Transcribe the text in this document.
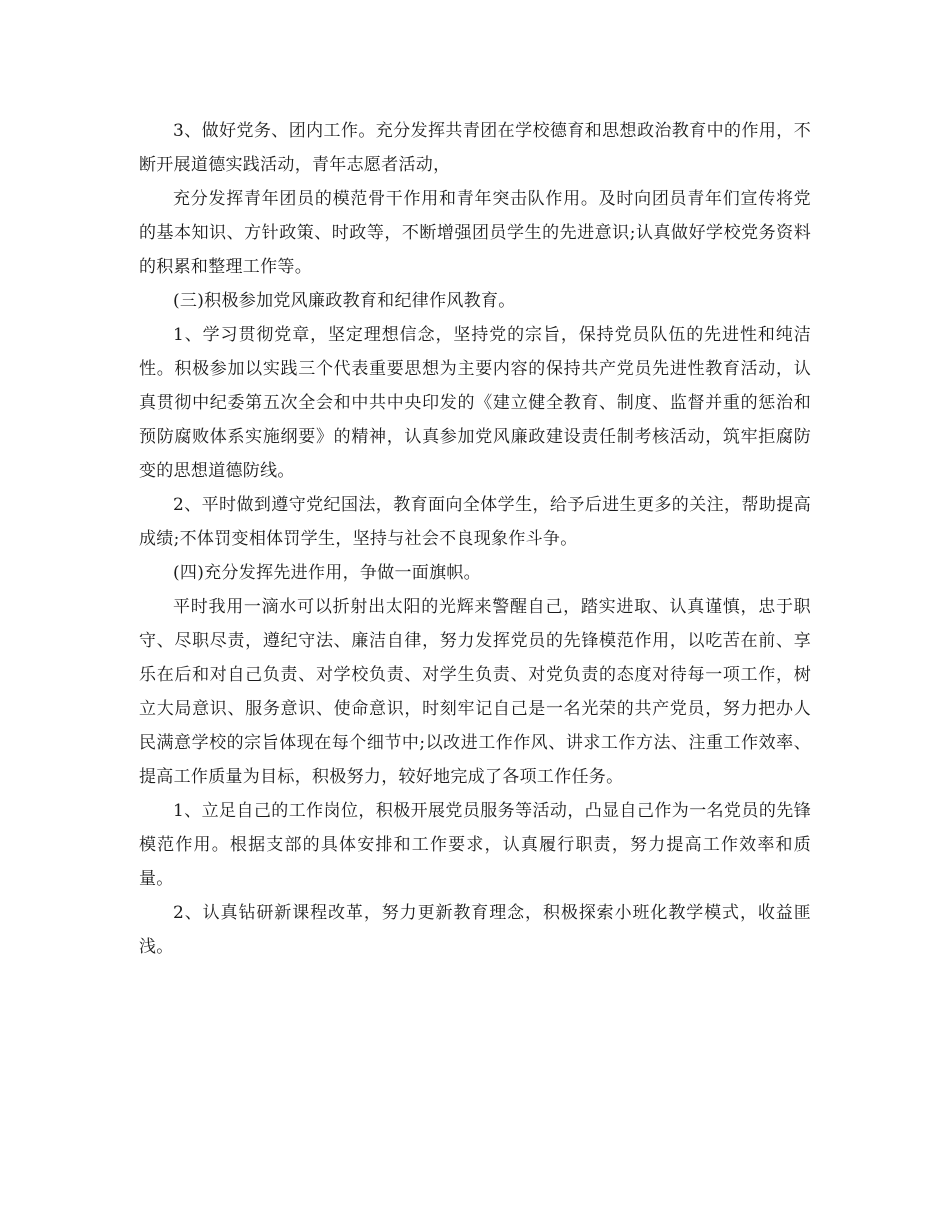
3、做好党务、团内工作。充分发挥共青团在学校德育和思想政治教育中的作用，不断开展道德实践活动，青年志愿者活动，

充分发挥青年团员的模范骨干作用和青年突击队作用。及时向团员青年们宣传将党的基本知识、方针政策、时政等，不断增强团员学生的先进意识;认真做好学校党务资料的积累和整理工作等。

(三)积极参加党风廉政教育和纪律作风教育。

1、学习贯彻党章，坚定理想信念，坚持党的宗旨，保持党员队伍的先进性和纯洁性。积极参加以实践三个代表重要思想为主要内容的保持共产党员先进性教育活动，认真贯彻中纪委第五次全会和中共中央印发的《建立健全教育、制度、监督并重的惩治和预防腐败体系实施纲要》的精神，认真参加党风廉政建设责任制考核活动，筑牢拒腐防变的思想道德防线。

2、平时做到遵守党纪国法，教育面向全体学生，给予后进生更多的关注，帮助提高成绩;不体罚变相体罚学生，坚持与社会不良现象作斗争。

(四)充分发挥先进作用，争做一面旗帜。

平时我用一滴水可以折射出太阳的光辉来警醒自己，踏实进取、认真谨慎，忠于职守、尽职尽责，遵纪守法、廉洁自律，努力发挥党员的先锋模范作用，以吃苦在前、享乐在后和对自己负责、对学校负责、对学生负责、对党负责的态度对待每一项工作，树立大局意识、服务意识、使命意识，时刻牢记自己是一名光荣的共产党员，努力把办人民满意学校的宗旨体现在每个细节中;以改进工作作风、讲求工作方法、注重工作效率、提高工作质量为目标，积极努力，较好地完成了各项工作任务。

1、立足自己的工作岗位，积极开展党员服务等活动，凸显自己作为一名党员的先锋模范作用。根据支部的具体安排和工作要求，认真履行职责，努力提高工作效率和质量。

2、认真钻研新课程改革，努力更新教育理念，积极探索小班化教学模式，收益匪浅。
